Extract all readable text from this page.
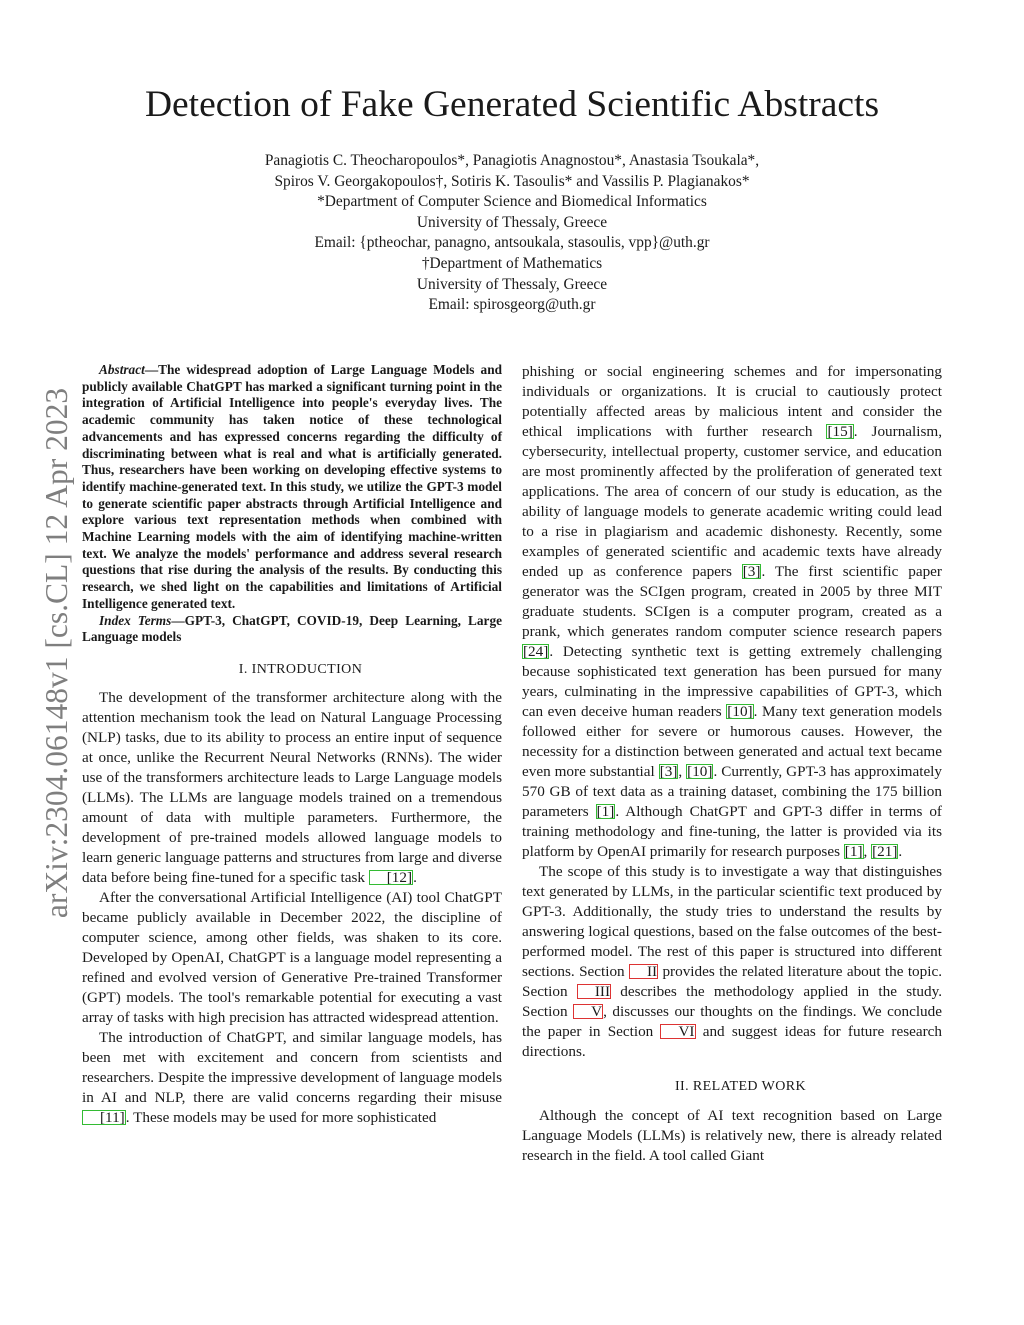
Detection of Fake Generated Scientific Abstracts

Panagiotis C. Theocharopoulos*, Panagiotis Anagnostou*, Anastasia Tsoukala*,

Spiros V. Georgakopoulos†, Sotiris K. Tasoulis* and Vassilis P. Plagianakos*

*Department of Computer Science and Biomedical Informatics

University of Thessaly, Greece

Email: {ptheochar, panagno, antsoukala, stasoulis, vpp}@uth.gr

†Department of Mathematics

University of Thessaly, Greece

Email: spirosgeorg@uth.gr

arXiv:2304.06148v1 [cs.CL] 12 Apr 2023

Abstract—The widespread adoption of Large Language Models and publicly available ChatGPT has marked a significant turning point in the integration of Artificial Intelligence into people's everyday lives. The academic community has taken notice of these technological advancements and has expressed concerns regarding the difficulty of discriminating between what is real and what is artificially generated. Thus, researchers have been working on developing effective systems to identify machine-generated text. In this study, we utilize the GPT-3 model to generate scientific paper abstracts through Artificial Intelligence and explore various text representation methods when combined with Machine Learning models with the aim of identifying machine-written text. We analyze the models' performance and address several research questions that rise during the analysis of the results. By conducting this research, we shed light on the capabilities and limitations of Artificial Intelligence generated text.

Index Terms—GPT-3, ChatGPT, COVID-19, Deep Learning, Large Language models

I. INTRODUCTION

The development of the transformer architecture along with the attention mechanism took the lead on Natural Language Processing (NLP) tasks, due to its ability to process an entire input of sequence at once, unlike the Recurrent Neural Networks (RNNs). The wider use of the transformers architecture leads to Large Language models (LLMs). The LLMs are language models trained on a tremendous amount of data with multiple parameters. Furthermore, the development of pre-trained models allowed language models to learn generic language patterns and structures from large and diverse data before being fine-tuned for a specific task [12].

After the conversational Artificial Intelligence (AI) tool ChatGPT became publicly available in December 2022, the discipline of computer science, among other fields, was shaken to its core. Developed by OpenAI, ChatGPT is a language model representing a refined and evolved version of Generative Pre-trained Transformer (GPT) models. The tool's remarkable potential for executing a vast array of tasks with high precision has attracted widespread attention.

The introduction of ChatGPT, and similar language models, has been met with excitement and concern from scientists and researchers. Despite the impressive development of language models in AI and NLP, there are valid concerns regarding their misuse [11]. These models may be used for more sophisticated

phishing or social engineering schemes and for impersonating individuals or organizations. It is crucial to cautiously protect potentially affected areas by malicious intent and consider the ethical implications with further research [15]. Journalism, cybersecurity, intellectual property, customer service, and education are most prominently affected by the proliferation of generated text applications. The area of concern of our study is education, as the ability of language models to generate academic writing could lead to a rise in plagiarism and academic dishonesty. Recently, some examples of generated scientific and academic texts have already ended up as conference papers [3]. The first scientific paper generator was the SCIgen program, created in 2005 by three MIT graduate students. SCIgen is a computer program, created as a prank, which generates random computer science research papers [24]. Detecting synthetic text is getting extremely challenging because sophisticated text generation has been pursued for many years, culminating in the impressive capabilities of GPT-3, which can even deceive human readers [10]. Many text generation models followed either for severe or humorous causes. However, the necessity for a distinction between generated and actual text became even more substantial [3], [10]. Currently, GPT-3 has approximately 570 GB of text data as a training dataset, combining the 175 billion parameters [1]. Although ChatGPT and GPT-3 differ in terms of training methodology and fine-tuning, the latter is provided via its platform by OpenAI primarily for research purposes [1], [21].

The scope of this study is to investigate a way that distinguishes text generated by LLMs, in the particular scientific text produced by GPT-3. Additionally, the study tries to understand the results by answering logical questions, based on the false outcomes of the best-performed model. The rest of this paper is structured into different sections. Section II provides the related literature about the topic. Section III describes the methodology applied in the study. Section V, discusses our thoughts on the findings. We conclude the paper in Section VI and suggest ideas for future research directions.

II. RELATED WORK

Although the concept of AI text recognition based on Large Language Models (LLMs) is relatively new, there is already related research in the field. A tool called Giant
